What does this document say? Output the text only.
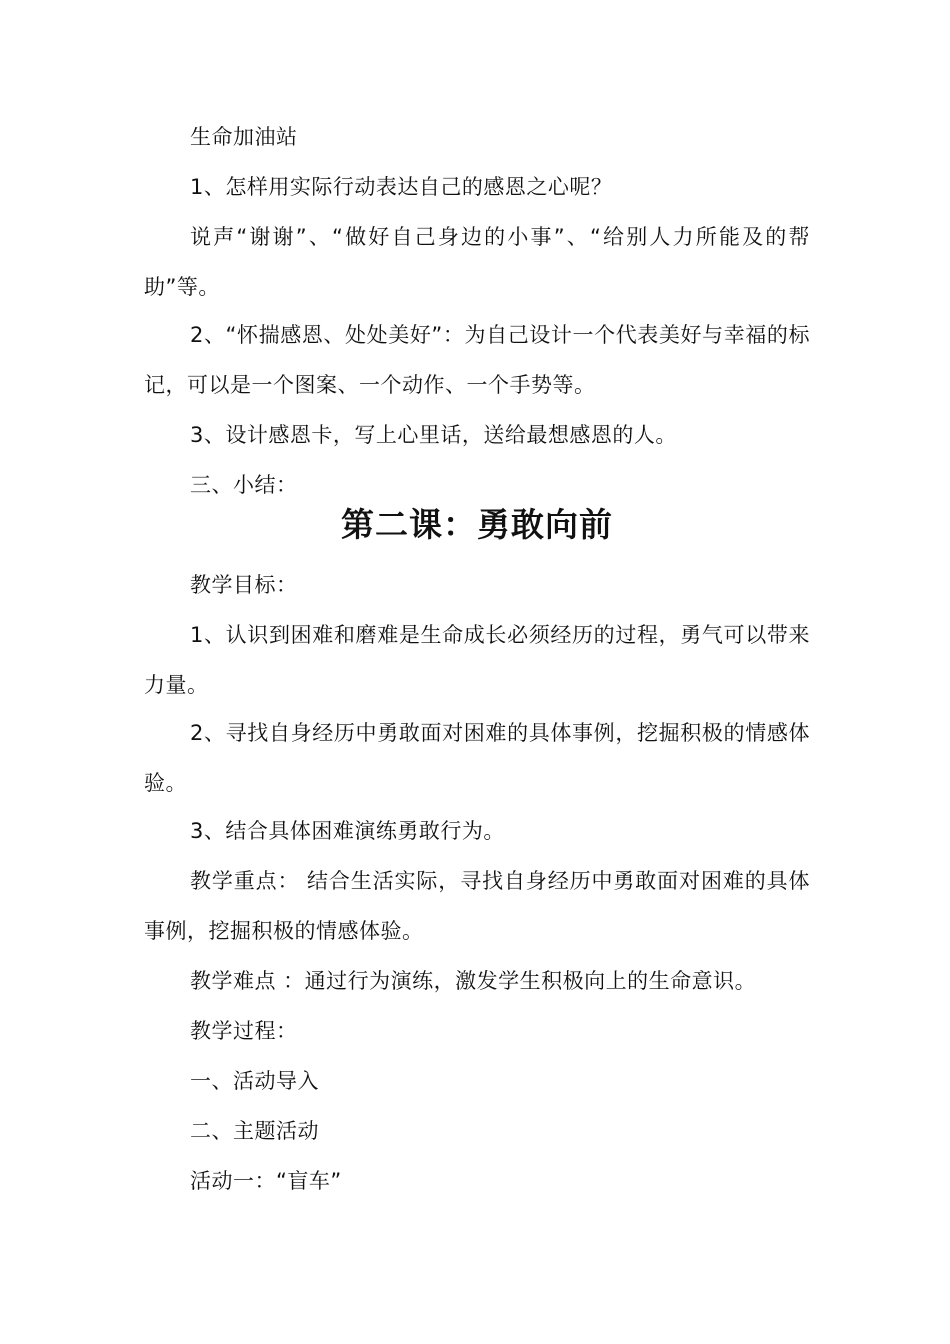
生命加油站

1、怎样用实际行动表达自己的感恩之心呢？

说声“谢谢”、“做好自己身边的小事”、“给别人力所能及的帮助”等。

2、“怀揣感恩、处处美好”：为自己设计一个代表美好与幸福的标记，可以是一个图案、一个动作、一个手势等。

3、设计感恩卡，写上心里话，送给最想感恩的人。

三、小结：

第二课：勇敢向前

教学目标：

1、认识到困难和磨难是生命成长必须经历的过程，勇气可以带来力量。

2、寻找自身经历中勇敢面对困难的具体事例，挖掘积极的情感体验。

3、结合具体困难演练勇敢行为。

教学重点： 结合生活实际，寻找自身经历中勇敢面对困难的具体事例，挖掘积极的情感体验。

教学难点 ：通过行为演练，激发学生积极向上的生命意识。

教学过程：

一、活动导入

二、主题活动

活动一：“盲车”
